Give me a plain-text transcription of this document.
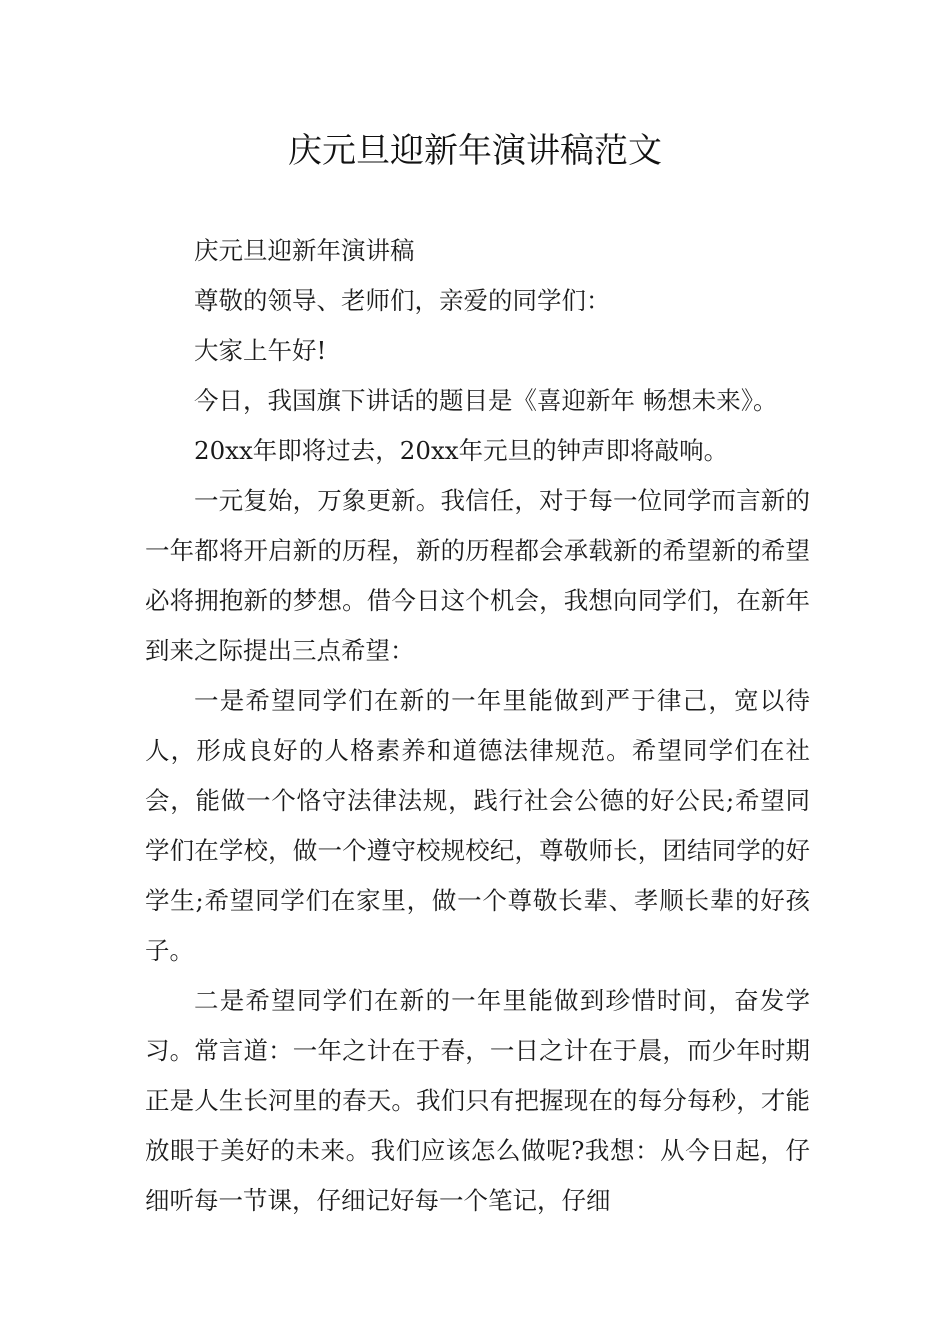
庆元旦迎新年演讲稿范文

庆元旦迎新年演讲稿

尊敬的领导、老师们，亲爱的同学们：

大家上午好!

今日，我国旗下讲话的题目是《喜迎新年 畅想未来》。

20xx年即将过去，20xx年元旦的钟声即将敲响。

一元复始，万象更新。我信任，对于每一位同学而言新的一年都将开启新的历程，新的历程都会承载新的希望新的希望必将拥抱新的梦想。借今日这个机会，我想向同学们，在新年到来之际提出三点希望：

一是希望同学们在新的一年里能做到严于律己，宽以待人，形成良好的人格素养和道德法律规范。希望同学们在社会，能做一个恪守法律法规，践行社会公德的好公民;希望同学们在学校，做一个遵守校规校纪，尊敬师长，团结同学的好学生;希望同学们在家里，做一个尊敬长辈、孝顺长辈的好孩子。

二是希望同学们在新的一年里能做到珍惜时间，奋发学习。常言道：一年之计在于春，一日之计在于晨，而少年时期正是人生长河里的春天。我们只有把握现在的每分每秒，才能放眼于美好的未来。我们应该怎么做呢?我想：从今日起，仔细听每一节课，仔细记好每一个笔记，仔细
